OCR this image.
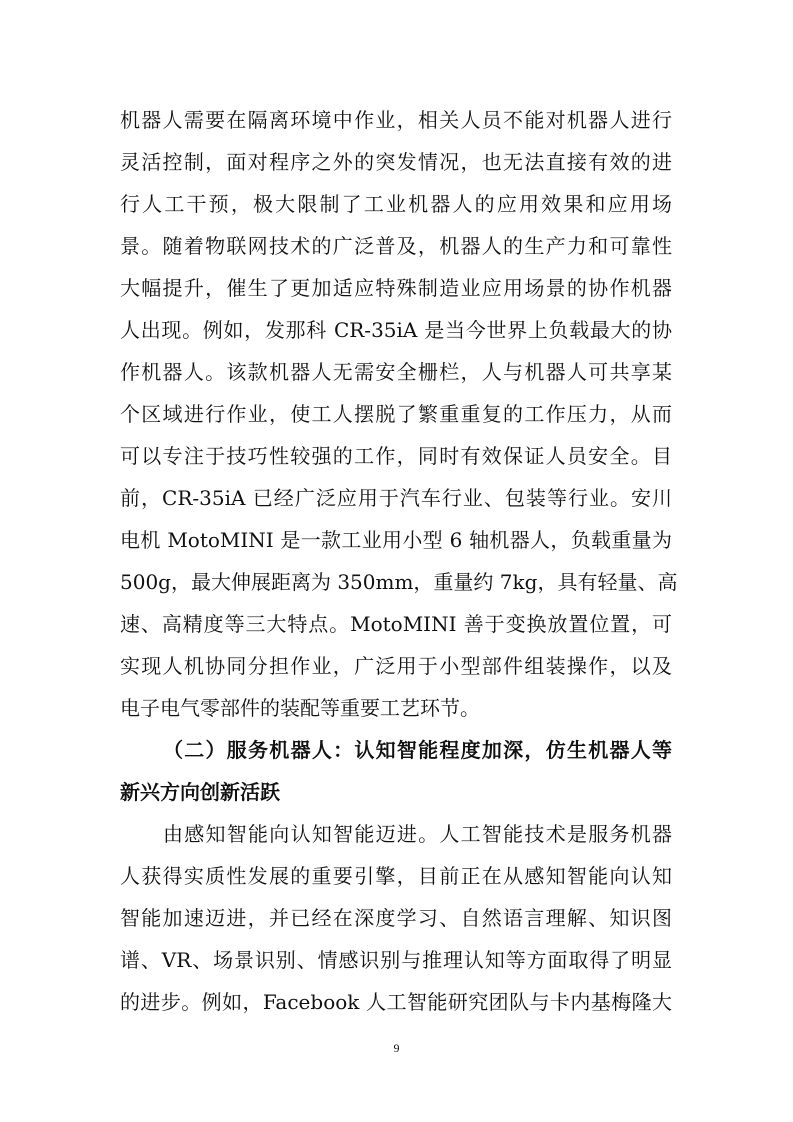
机器人需要在隔离环境中作业，相关人员不能对机器人进行
灵活控制，面对程序之外的突发情况，也无法直接有效的进
行人工干预，极大限制了工业机器人的应用效果和应用场
景。随着物联网技术的广泛普及，机器人的生产力和可靠性
大幅提升，催生了更加适应特殊制造业应用场景的协作机器
人出现。例如，发那科 CR-35iA 是当今世界上负载最大的协
作机器人。该款机器人无需安全栅栏，人与机器人可共享某
个区域进行作业，使工人摆脱了繁重重复的工作压力，从而
可以专注于技巧性较强的工作，同时有效保证人员安全。目
前，CR-35iA 已经广泛应用于汽车行业、包装等行业。安川
电机 MotoMINI 是一款工业用小型 6 轴机器人，负载重量为
500g，最大伸展距离为 350mm，重量约 7kg，具有轻量、高
速、高精度等三大特点。MotoMINI 善于变换放置位置，可
实现人机协同分担作业，广泛用于小型部件组装操作，以及
电子电气零部件的装配等重要工艺环节。
（二）服务机器人：认知智能程度加深，仿生机器人等
新兴方向创新活跃
由感知智能向认知智能迈进。人工智能技术是服务机器
人获得实质性发展的重要引擎，目前正在从感知智能向认知
智能加速迈进，并已经在深度学习、自然语言理解、知识图
谱、VR、场景识别、情感识别与推理认知等方面取得了明显
的进步。例如，Facebook 人工智能研究团队与卡内基梅隆大
9
